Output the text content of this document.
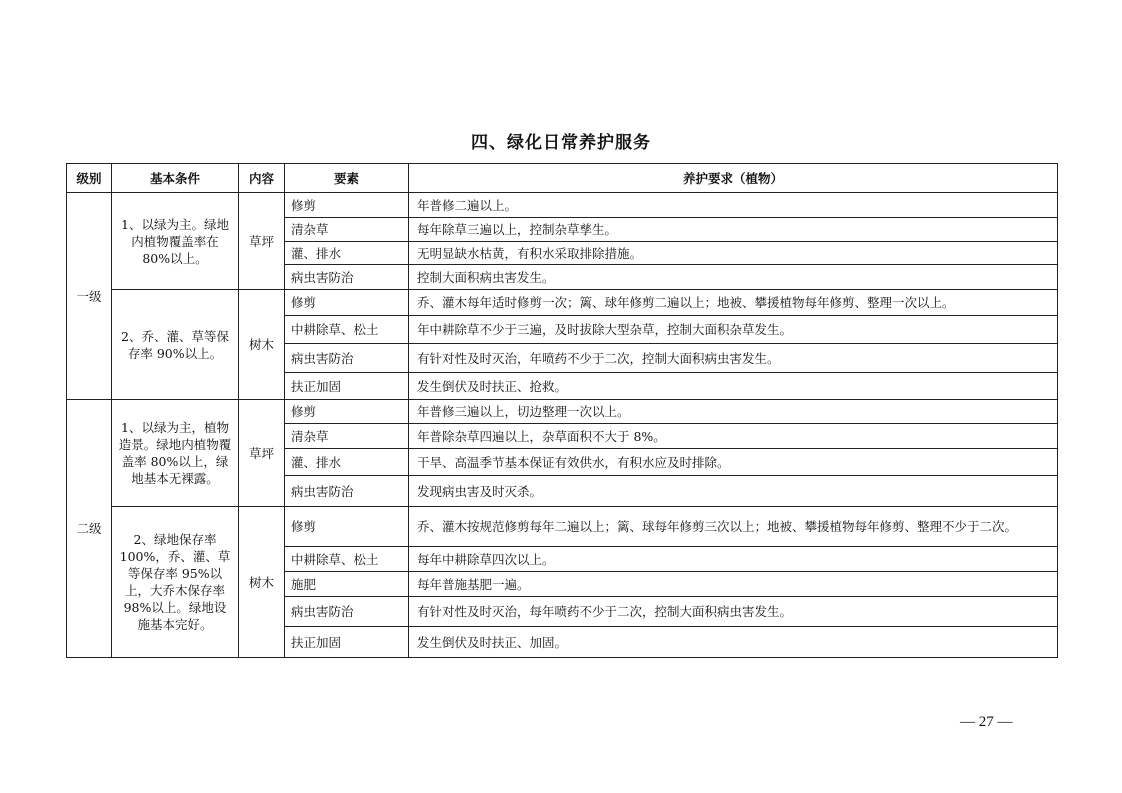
四、绿化日常养护服务
级别	基本条件	内容	要素	养护要求（植物）
一级	1、以绿为主。绿地内植物覆盖率在 80%以上。	草坪	修剪	年普修二遍以上。
			清杂草	每年除草三遍以上，控制杂草孳生。
			灌、排水	无明显缺水枯黄，有积水采取排除措施。
			病虫害防治	控制大面积病虫害发生。
	2、乔、灌、草等保存率 90%以上。	树木	修剪	乔、灌木每年适时修剪一次；篱、球年修剪二遍以上；地被、攀援植物每年修剪、整理一次以上。
			中耕除草、松土	年中耕除草不少于三遍，及时拔除大型杂草，控制大面积杂草发生。
			病虫害防治	有针对性及时灭治，年喷药不少于二次，控制大面积病虫害发生。
			扶正加固	发生倒伏及时扶正、抢救。
二级	1、以绿为主，植物造景。绿地内植物覆盖率 80%以上，绿地基本无裸露。	草坪	修剪	年普修三遍以上，切边整理一次以上。
			清杂草	年普除杂草四遍以上，杂草面积不大于 8%。
			灌、排水	干旱、高温季节基本保证有效供水，有积水应及时排除。
			病虫害防治	发现病虫害及时灭杀。
	2、绿地保存率 100%，乔、灌、草等保存率 95%以上，大乔木保存率 98%以上。绿地设施基本完好。	树木	修剪	乔、灌木按规范修剪每年二遍以上；篱、球每年修剪三次以上；地被、攀援植物每年修剪、整理不少于二次。
			中耕除草、松土	每年中耕除草四次以上。
			施肥	每年普施基肥一遍。
			病虫害防治	有针对性及时灭治，每年喷药不少于二次，控制大面积病虫害发生。
			扶正加固	发生倒伏及时扶正、加固。
— 27 —
